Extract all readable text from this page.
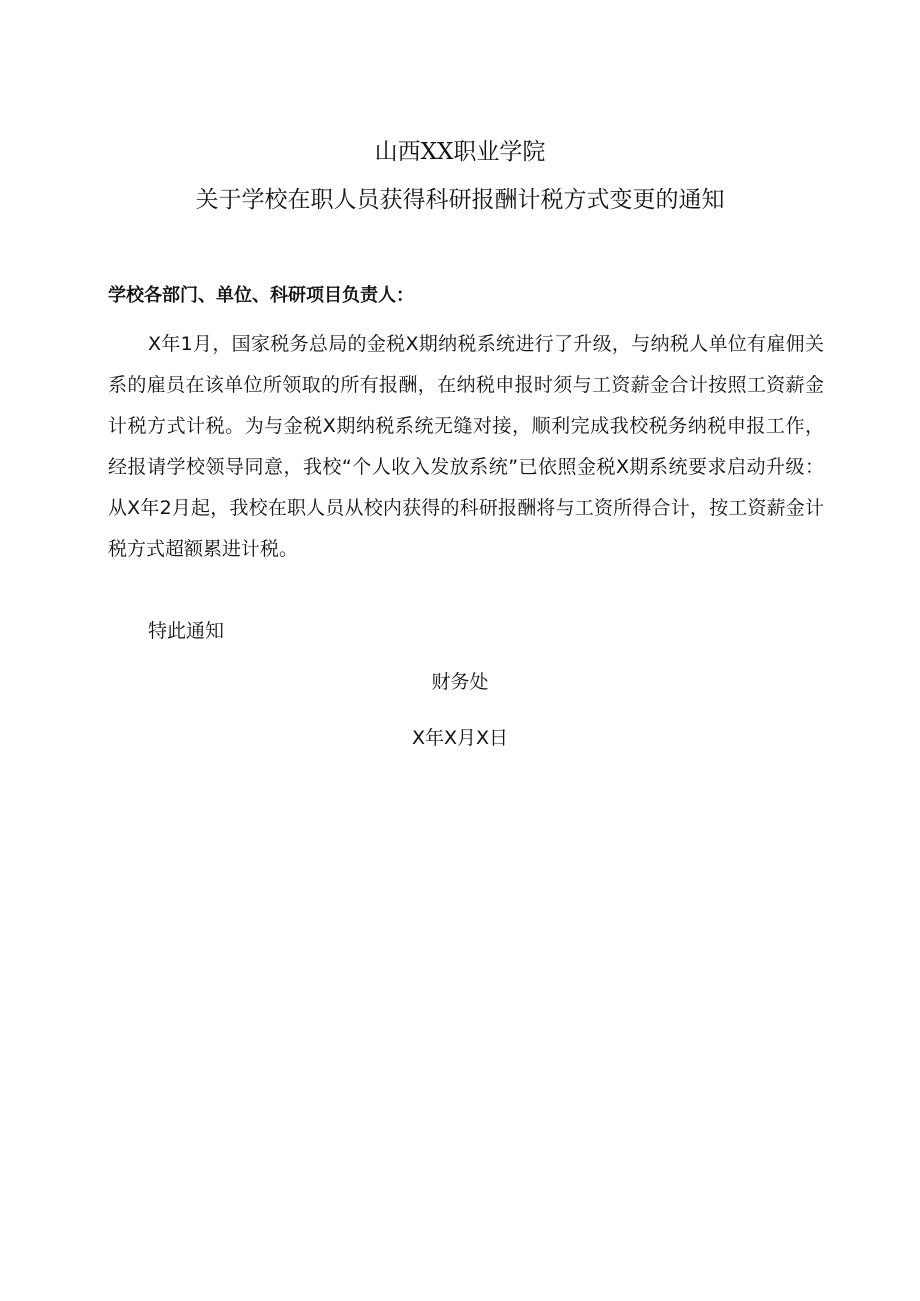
山西XX职业学院
关于学校在职人员获得科研报酬计税方式变更的通知
学校各部门、单位、科研项目负责人：

X年1月，国家税务总局的金税X期纳税系统进行了升级，与纳税人单位有雇佣关系的雇员在该单位所领取的所有报酬，在纳税申报时须与工资薪金合计按照工资薪金计税方式计税。为与金税X期纳税系统无缝对接，顺利完成我校税务纳税申报工作，经报请学校领导同意，我校“个人收入发放系统”已依照金税X期系统要求启动升级：从X年2月起，我校在职人员从校内获得的科研报酬将与工资所得合计，按工资薪金计税方式超额累进计税。

特此通知
财务处
X年X月X日
